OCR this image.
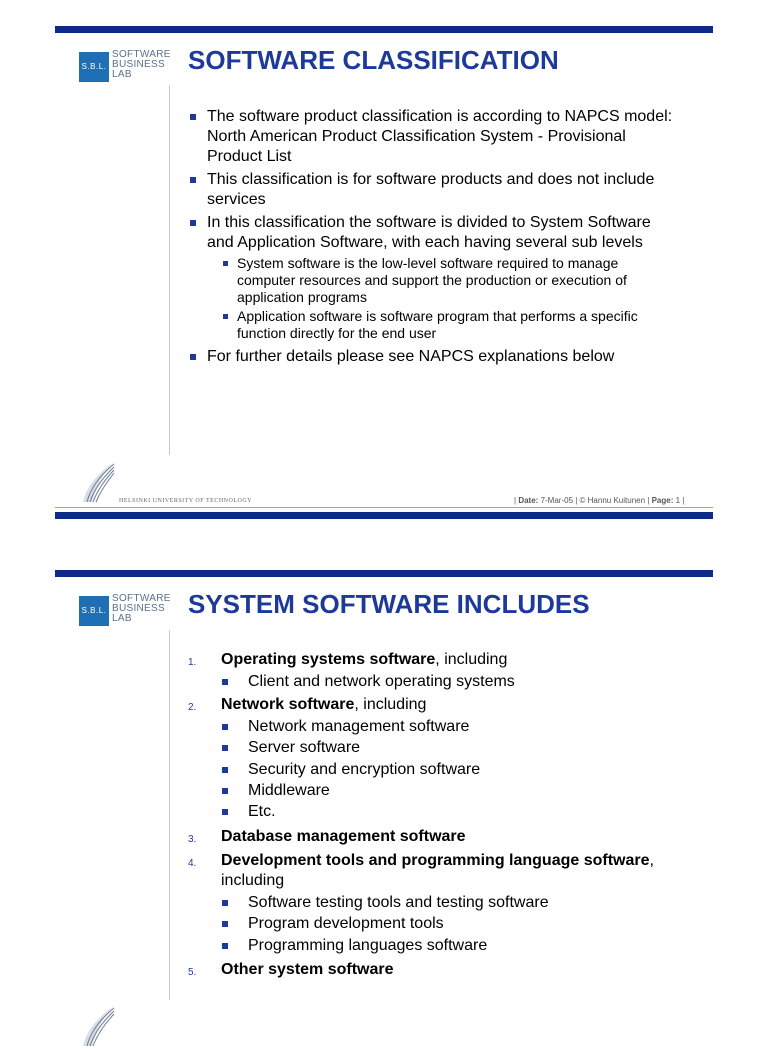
S.B.L.
SOFTWARE
BUSINESS
LAB	SOFTWARE CLASSIFICATION
The software product classification is according to NAPCS model: North American Product Classification System - Provisional Product List
This classification is for software products and does not include services
In this classification the software is divided to System Software and Application Software, with each having several sub levels
System software is the low-level software required to manage computer resources and support the production or execution of application programs
Application software is software program that performs a specific function directly for the end user
For further details please see NAPCS explanations below
HELSINKI UNIVERSITY OF TECHNOLOGY	| Date: 7-Mar-05 | © Hannu Kuitunen | Page: 1 |
S.B.L.
SOFTWARE
BUSINESS
LAB	SYSTEM SOFTWARE INCLUDES
1. Operating systems software, including
Client and network operating systems
2. Network software, including
Network management software
Server software
Security and encryption software
Middleware
Etc.
3. Database management software
4. Development tools and programming language software, including
Software testing tools and testing software
Program development tools
Programming languages software
5. Other system software
